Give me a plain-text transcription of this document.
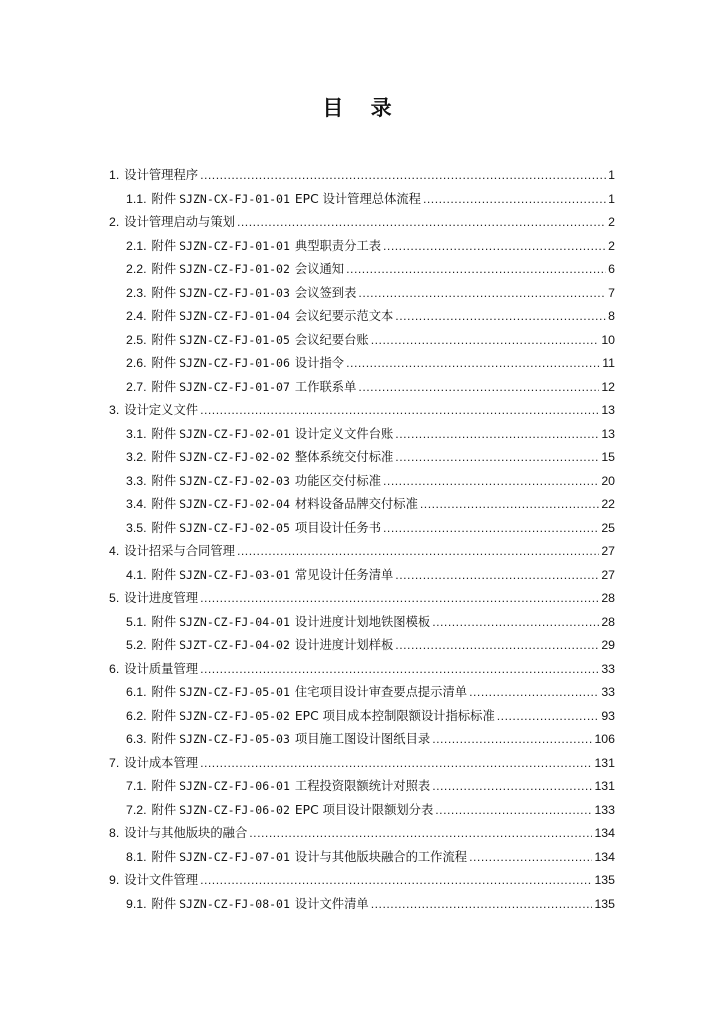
目 录
1. 设计管理程序 .....	1
1.1. 附件 SJZN-CX-FJ-01-01 EPC 设计管理总体流程 .....	1
2. 设计管理启动与策划 .....	2
2.1. 附件 SJZN-CZ-FJ-01-01 典型职责分工表 .....	2
2.2. 附件 SJZN-CZ-FJ-01-02 会议通知 .....	6
2.3. 附件 SJZN-CZ-FJ-01-03 会议签到表 .....	7
2.4. 附件 SJZN-CZ-FJ-01-04 会议纪要示范文本 .....	8
2.5. 附件 SJZN-CZ-FJ-01-05 会议纪要台账 .....	10
2.6. 附件 SJZN-CZ-FJ-01-06 设计指令 .....	11
2.7. 附件 SJZN-CZ-FJ-01-07 工作联系单 .....	12
3. 设计定义文件 .....	13
3.1. 附件 SJZN-CZ-FJ-02-01 设计定义文件台账 .....	13
3.2. 附件 SJZN-CZ-FJ-02-02 整体系统交付标准 .....	15
3.3. 附件 SJZN-CZ-FJ-02-03 功能区交付标准 .....	20
3.4. 附件 SJZN-CZ-FJ-02-04 材料设备品牌交付标准 .....	22
3.5. 附件 SJZN-CZ-FJ-02-05 项目设计任务书 .....	25
4. 设计招采与合同管理 .....	27
4.1. 附件 SJZN-CZ-FJ-03-01 常见设计任务清单 .....	27
5. 设计进度管理 .....	28
5.1. 附件 SJZN-CZ-FJ-04-01 设计进度计划地铁图模板 .....	28
5.2. 附件 SJZT-CZ-FJ-04-02 设计进度计划样板 .....	29
6. 设计质量管理 .....	33
6.1. 附件 SJZN-CZ-FJ-05-01 住宅项目设计审查要点提示清单 .....	33
6.2. 附件 SJZN-CZ-FJ-05-02 EPC 项目成本控制限额设计指标标准 .....	93
6.3. 附件 SJZN-CZ-FJ-05-03 项目施工图设计图纸目录 .....	106
7. 设计成本管理 .....	131
7.1. 附件 SJZN-CZ-FJ-06-01 工程投资限额统计对照表 .....	131
7.2. 附件 SJZN-CZ-FJ-06-02 EPC 项目设计限额划分表 .....	133
8. 设计与其他版块的融合 .....	134
8.1. 附件 SJZN-CZ-FJ-07-01 设计与其他版块融合的工作流程 .....	134
9. 设计文件管理 .....	135
9.1. 附件 SJZN-CZ-FJ-08-01 设计文件清单 .....	135
